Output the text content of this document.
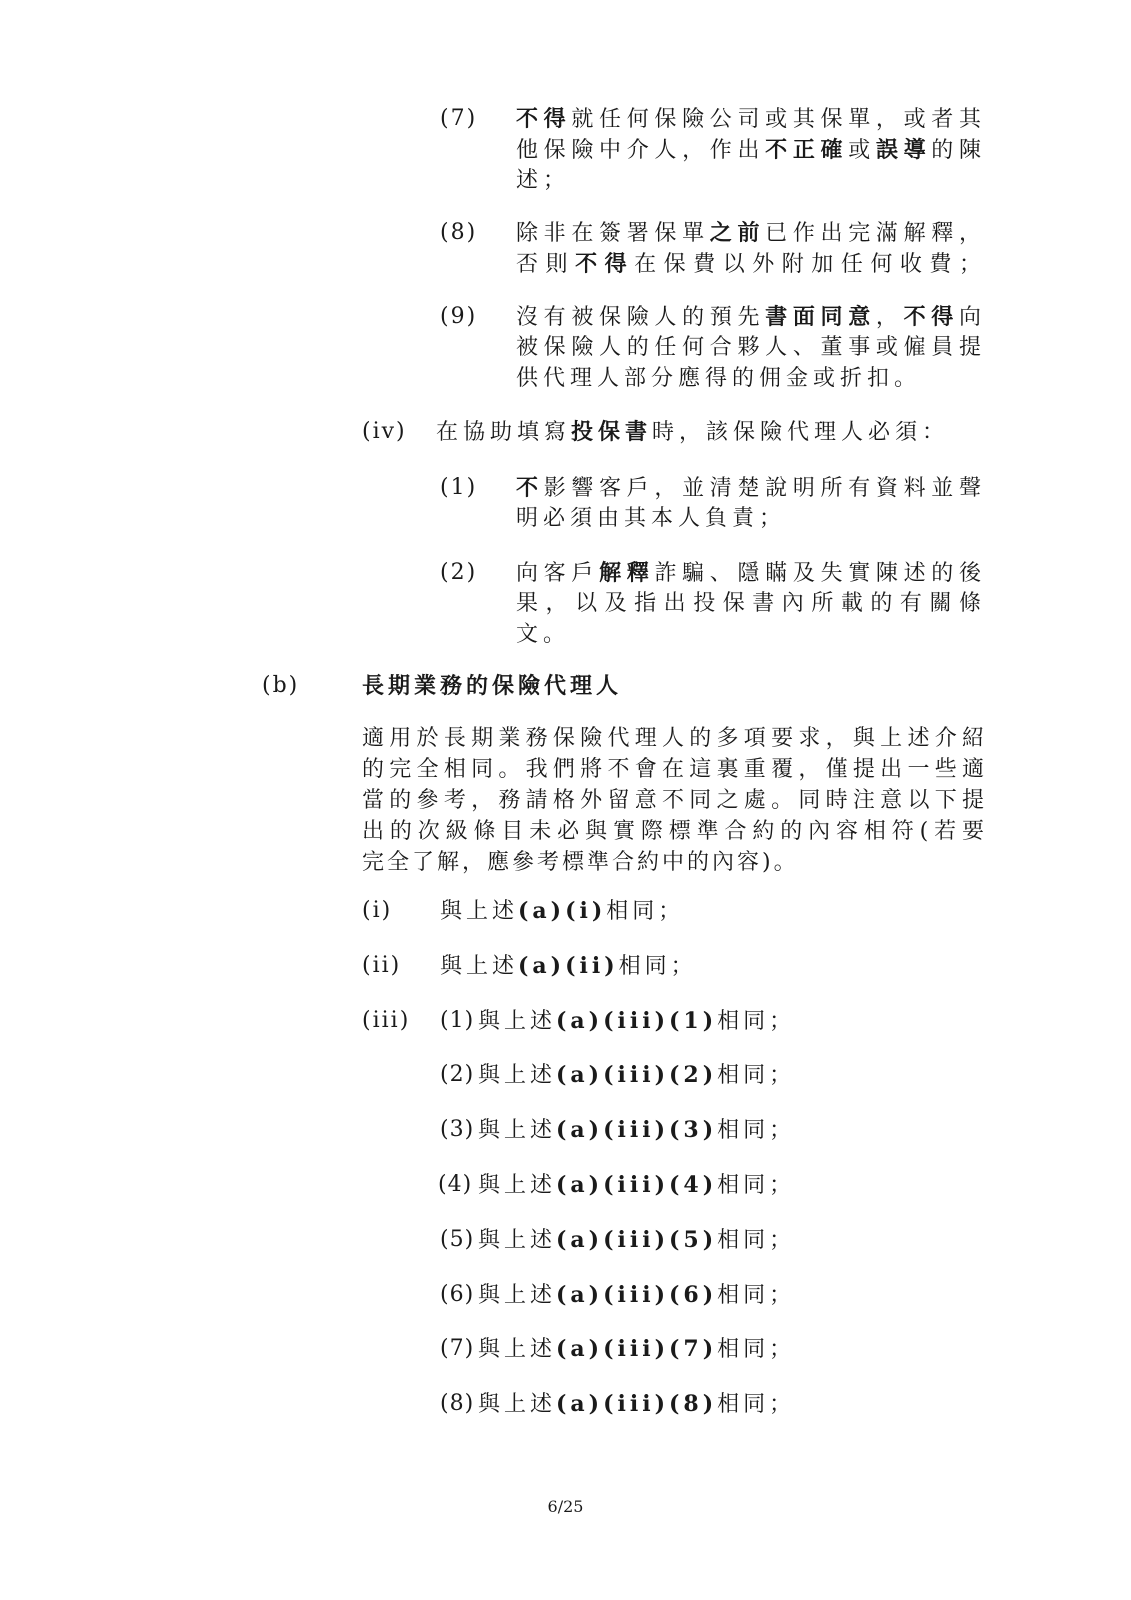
(7) 不得就任何保險公司或其保單，或者其
他保險中介人，作出不正確或誤導的陳
述；
(8) 除非在簽署保單之前已作出完滿解釋，
否則不得在保費以外附加任何收費；
(9) 沒有被保險人的預先書面同意，不得向
被保險人的任何合夥人、董事或僱員提
供代理人部分應得的佣金或折扣。
(iv) 在協助填寫投保書時，該保險代理人必須：
(1) 不影響客戶，並清楚說明所有資料並聲
明必須由其本人負責；
(2) 向客戶解釋詐騙、隱瞞及失實陳述的後
果，以及指出投保書內所載的有關條
文。
(b)	長期業務的保險代理人
適用於長期業務保險代理人的多項要求，與上述介紹
的完全相同。我們將不會在這裏重覆，僅提出一些適
當的參考，務請格外留意不同之處。同時注意以下提
出的次級條目未必與實際標準合約的內容相符(若要
完全了解，應參考標準合約中的內容)。
(i) 與上述(a)(i)相同；
(ii) 與上述(a)(ii)相同；
(iii) (1) 與上述(a)(iii)(1)相同；
(2) 與上述(a)(iii)(2)相同；
(3) 與上述(a)(iii)(3)相同；
(4) 與上述(a)(iii)(4)相同；
(5) 與上述(a)(iii)(5)相同；
(6) 與上述(a)(iii)(6)相同；
(7) 與上述(a)(iii)(7)相同；
(8) 與上述(a)(iii)(8)相同；
6/25
